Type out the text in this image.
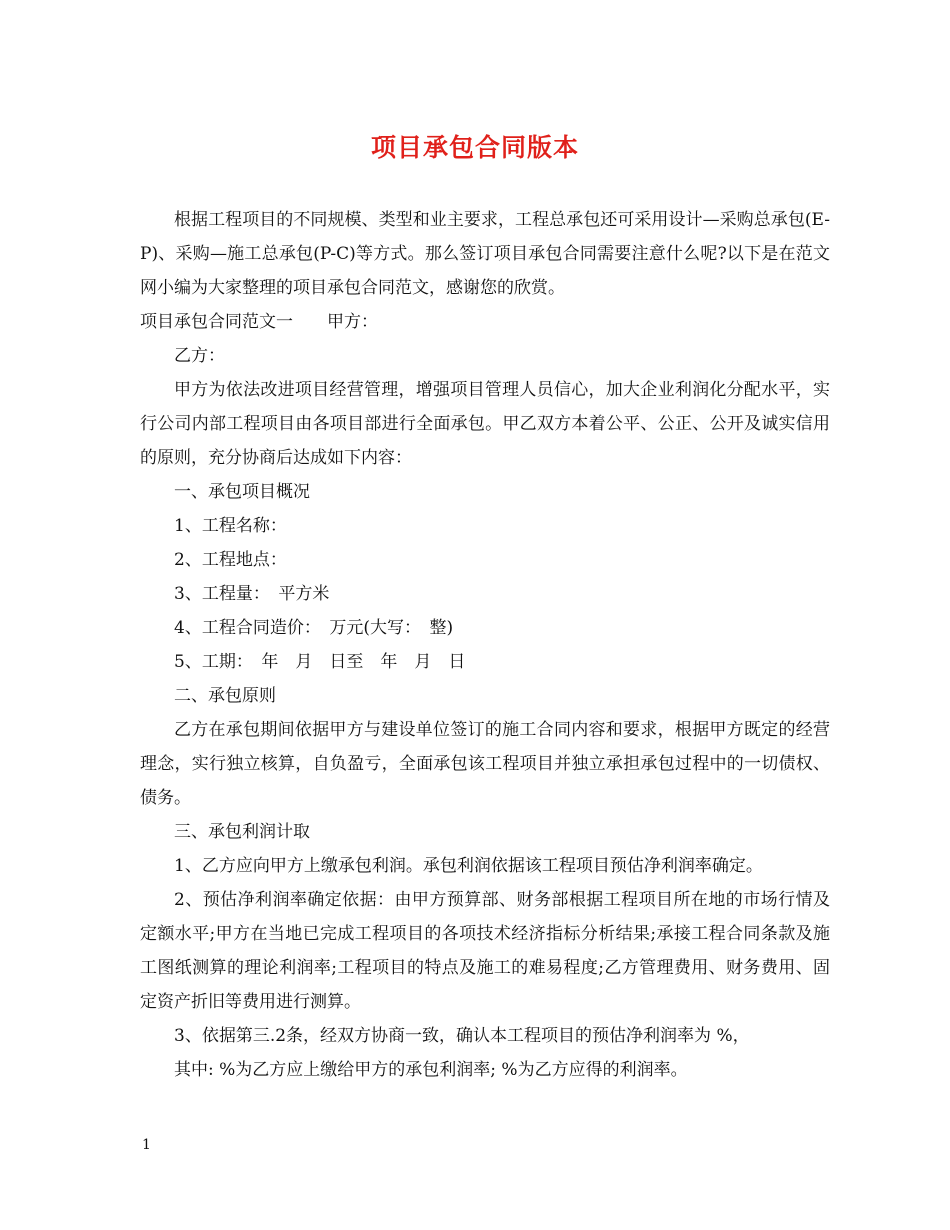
项目承包合同版本

根据工程项目的不同规模、类型和业主要求，工程总承包还可采用设计—采购总承包(E-P)、采购—施工总承包(P-C)等方式。那么签订项目承包合同需要注意什么呢?以下是在范文网小编为大家整理的项目承包合同范文，感谢您的欣赏。

项目承包合同范文一　　甲方：

乙方：

甲方为依法改进项目经营管理，增强项目管理人员信心，加大企业利润化分配水平，实行公司内部工程项目由各项目部进行全面承包。甲乙双方本着公平、公正、公开及诚实信用的原则，充分协商后达成如下内容：

一、承包项目概况

1、工程名称：

2、工程地点：

3、工程量：　平方米

4、工程合同造价：　万元(大写：　整)

5、工期：　年　月　日至　年　月　日

二、承包原则

乙方在承包期间依据甲方与建设单位签订的施工合同内容和要求，根据甲方既定的经营理念，实行独立核算，自负盈亏，全面承包该工程项目并独立承担承包过程中的一切债权、债务。

三、承包利润计取

1、乙方应向甲方上缴承包利润。承包利润依据该工程项目预估净利润率确定。

2、预估净利润率确定依据：由甲方预算部、财务部根据工程项目所在地的市场行情及定额水平;甲方在当地已完成工程项目的各项技术经济指标分析结果;承接工程合同条款及施工图纸测算的理论利润率;工程项目的特点及施工的难易程度;乙方管理费用、财务费用、固定资产折旧等费用进行测算。

3、依据第三.2条，经双方协商一致，确认本工程项目的预估净利润率为 %，

其中: %为乙方应上缴给甲方的承包利润率; %为乙方应得的利润率。

1
